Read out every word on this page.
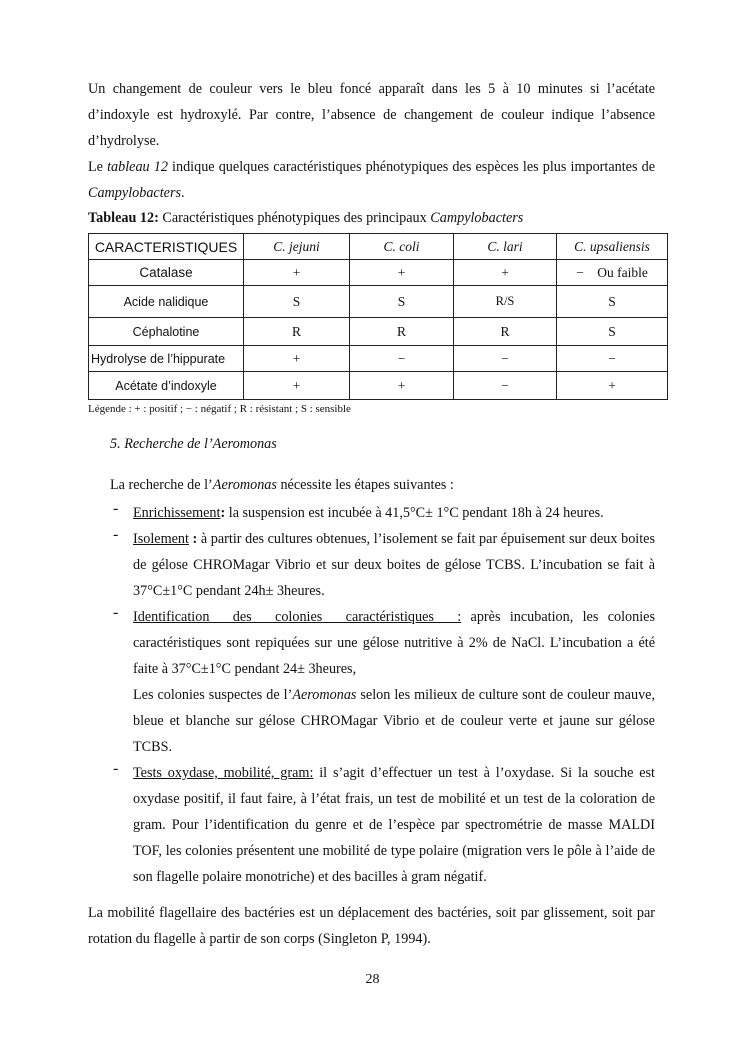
Un changement de couleur vers le bleu foncé apparaît dans les 5 à 10 minutes si l’acétate d’indoxyle est hydroxylé. Par contre, l’absence de changement de couleur indique l’absence d’hydrolyse.

Le tableau 12 indique quelques caractéristiques phénotypiques des espèces les plus importantes de Campylobacters.

Tableau 12: Caractéristiques phénotypiques des principaux Campylobacters

CARACTERISTIQUES	C. jejuni	C. coli	C. lari	C. upsaliensis
Catalase	+	+	+	−    Ou faible
Acide nalidique	S	S	R/S	S
Céphalotine	R	R	R	S
Hydrolyse de l’hippurate	+	−	−	−
Acétate d’indoxyle	+	+	−	+

Légende : + : positif ; − : négatif ; R : résistant ; S : sensible

5. Recherche de l’Aeromonas

La recherche de l’Aeromonas nécessite les étapes suivantes :

- Enrichissement: la suspension est incubée à 41,5°C± 1°C pendant 18h à 24 heures.

- Isolement : à partir des cultures obtenues, l’isolement se fait par épuisement sur deux boites de gélose CHROMagar Vibrio et sur deux boites de gélose TCBS. L’incubation se fait à 37°C±1°C pendant 24h± 3heures.

- Identification des colonies caractéristiques : après incubation, les colonies caractéristiques sont repiquées sur une gélose nutritive à 2% de NaCl. L’incubation a été faite à 37°C±1°C pendant 24± 3heures,

Les colonies suspectes de l’Aeromonas selon les milieux de culture sont de couleur mauve, bleue et blanche sur gélose CHROMagar Vibrio et de couleur verte et jaune sur gélose TCBS.

- Tests oxydase, mobilité, gram: il s’agit d’effectuer un test à l’oxydase. Si la souche est oxydase positif, il faut faire, à l’état frais, un test de mobilité et un test de la coloration de gram. Pour l’identification du genre et de l’espèce par spectrométrie de masse MALDI TOF, les colonies présentent une mobilité de type polaire (migration vers le pôle à l’aide de son flagelle polaire monotriche) et des bacilles à gram négatif.

La mobilité flagellaire des bactéries est un déplacement des bactéries, soit par glissement, soit par rotation du flagelle à partir de son corps (Singleton P, 1994).

28
